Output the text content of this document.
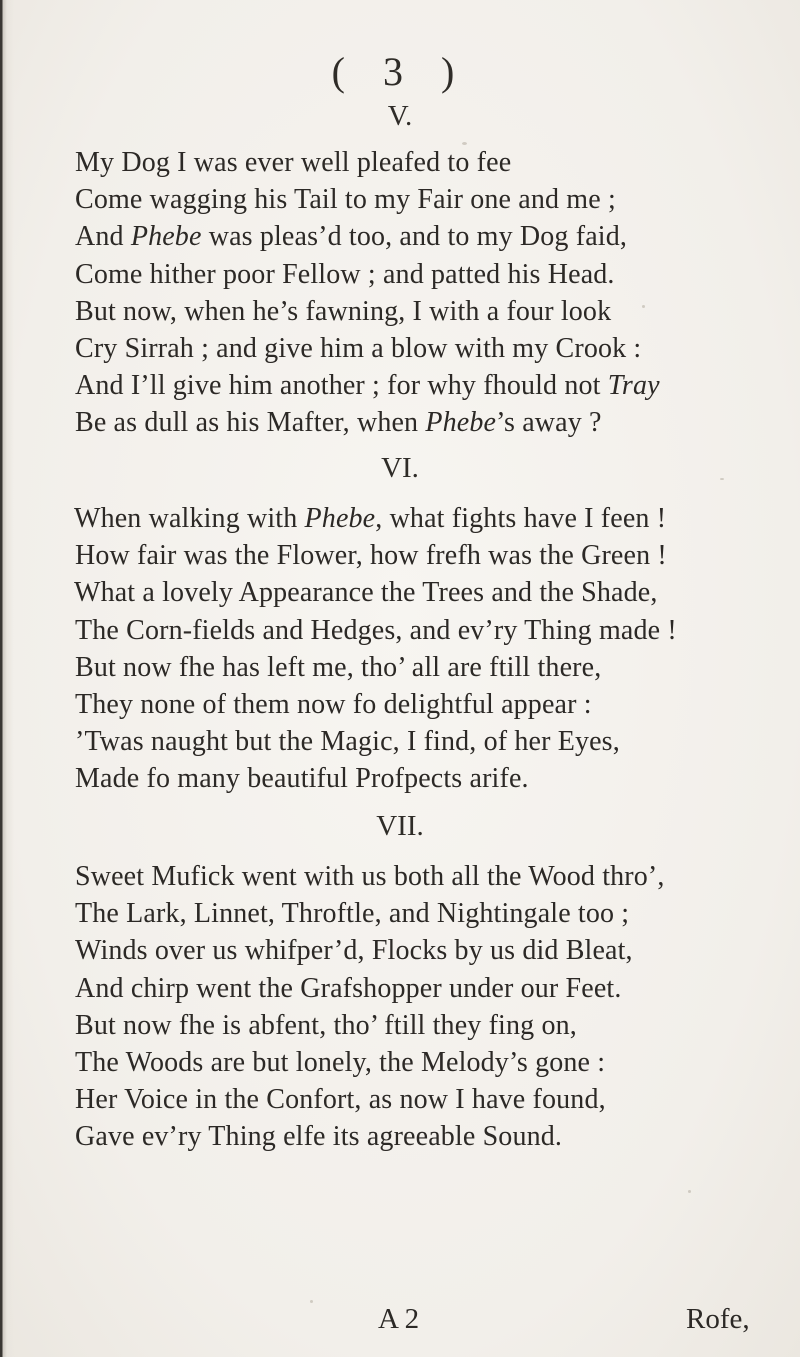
( 3 )
V.
My Dog I was ever well pleafed to fee
Come wagging his Tail to my Fair one and me ;
And Phebe was pleas’d too, and to my Dog faid,
Come hither poor Fellow ; and patted his Head.
But now, when he’s fawning, I with a four look
Cry Sirrah ; and give him a blow with my Crook :
And I’ll give him another ; for why fhould not Tray
Be as dull as his Mafter, when Phebe’s away ?
VI.
When walking with Phebe, what fights have I feen !
How fair was the Flower, how frefh was the Green !
What a lovely Appearance the Trees and the Shade,
The Corn-fields and Hedges, and ev’ry Thing made !
But now fhe has left me, tho’ all are ftill there,
They none of them now fo delightful appear :
’Twas naught but the Magic, I find, of her Eyes,
Made fo many beautiful Profpects arife.
VII.
Sweet Mufick went with us both all the Wood thro’,
The Lark, Linnet, Throftle, and Nightingale too ;
Winds over us whifper’d, Flocks by us did Bleat,
And chirp went the Grafshopper under our Feet.
But now fhe is abfent, tho’ ftill they fing on,
The Woods are but lonely, the Melody’s gone :
Her Voice in the Confort, as now I have found,
Gave ev’ry Thing elfe its agreeable Sound.
A 2	Rofe,
